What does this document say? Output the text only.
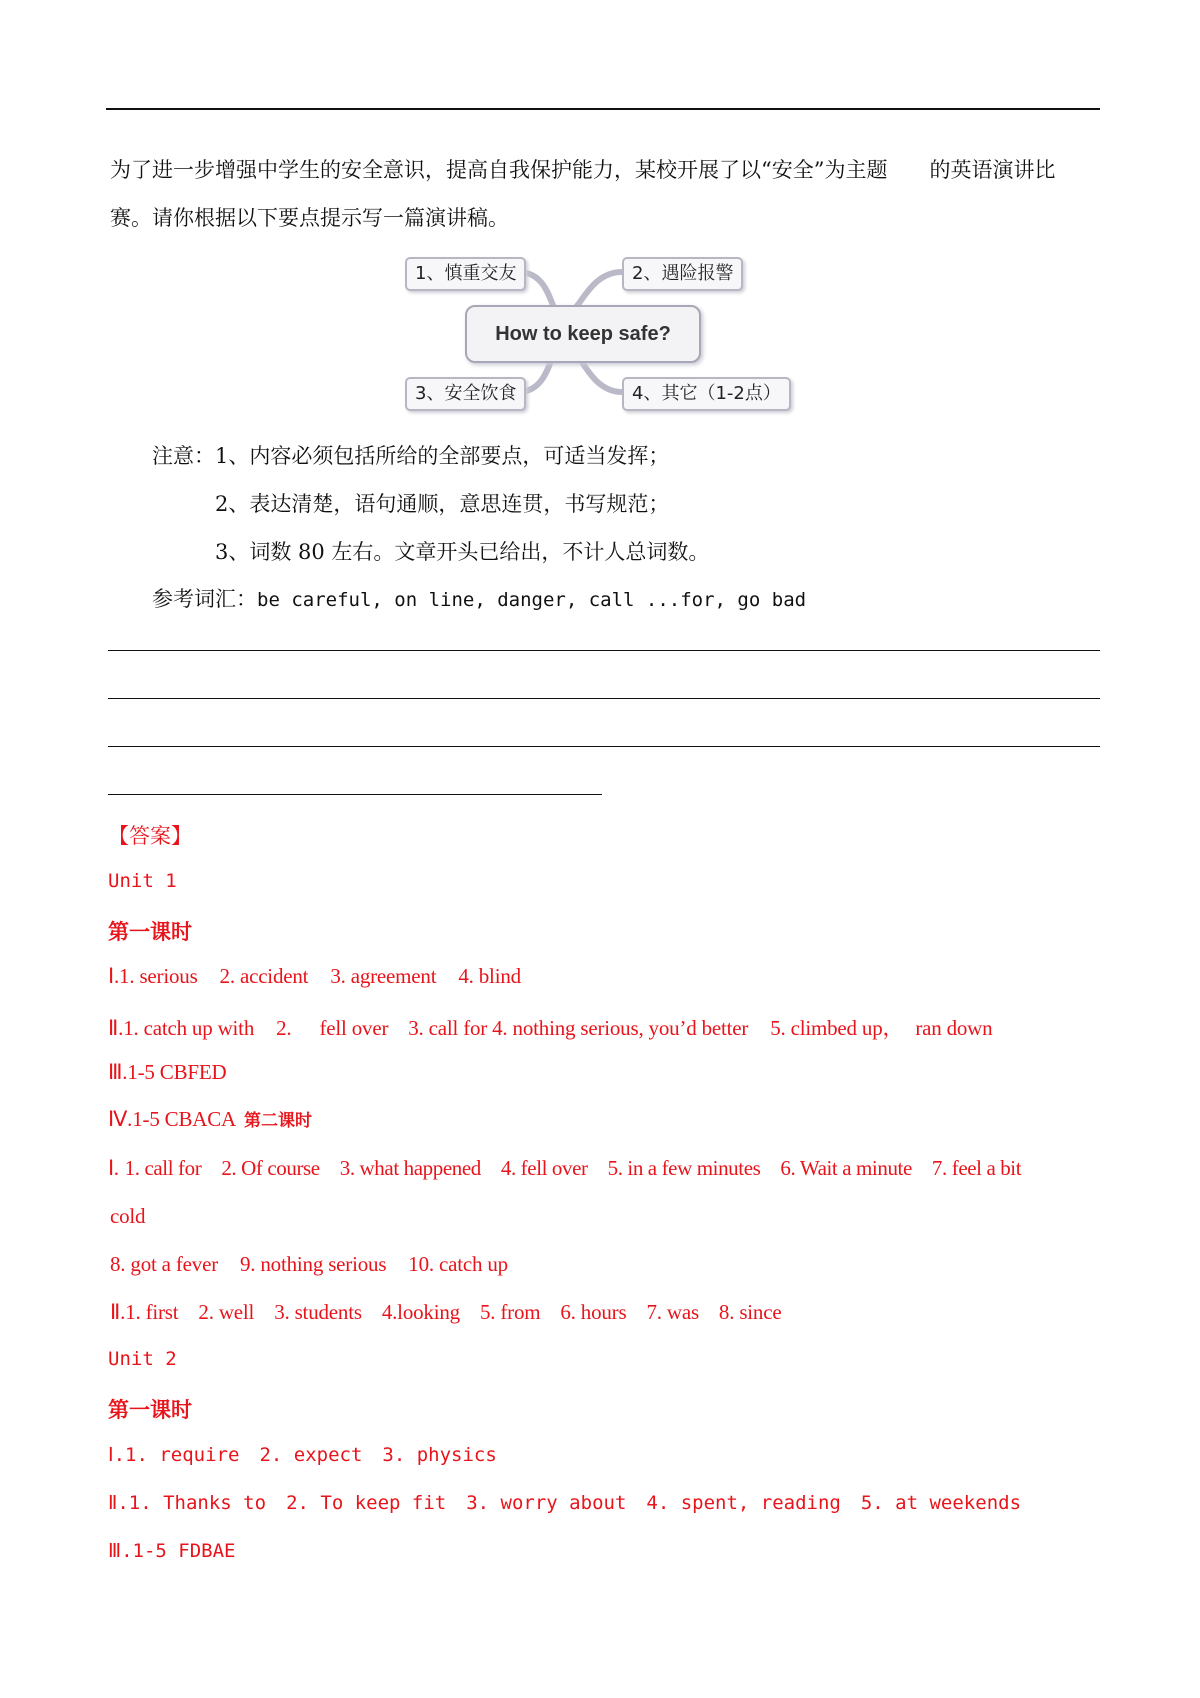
为了进一步增强中学生的安全意识，提高自我保护能力，某校开展了以“安全”为主题 的英语演讲比
赛。请你根据以下要点提示写一篇演讲稿。
1、慎重交友	2、遇险报警
How to keep safe?
3、安全饮食	4、其它（1-2点）
注意：1、内容必须包括所给的全部要点，可适当发挥；
2、表达清楚，语句通顺，意思连贯，书写规范；
3、词数 80 左右。文章开头已给出，不计人总词数。
参考词汇：be careful, on line, danger, call ...for, go bad
【答案】
Unit 1
第一课时
Ⅰ.1. serious 2. accident 3. agreement 4. blind
Ⅱ.1. catch up with 2. fell over 3. call for 4. nothing serious, you’d better 5. climbed up， ran down
Ⅲ.1-5 CBFED
Ⅳ.1-5 CBACA 第二课时
Ⅰ. 1. call for 2. Of course 3. what happened 4. fell over 5. in a few minutes 6. Wait a minute 7. feel a bit
cold
8. got a fever 9. nothing serious 10. catch up
Ⅱ.1. first 2. well 3. students 4.looking 5. from 6. hours 7. was 8. since
Unit 2
第一课时
Ⅰ.1. require 2. expect 3. physics
Ⅱ.1. Thanks to 2. To keep fit 3. worry about 4. spent, reading 5. at weekends
Ⅲ.1-5 FDBAE
